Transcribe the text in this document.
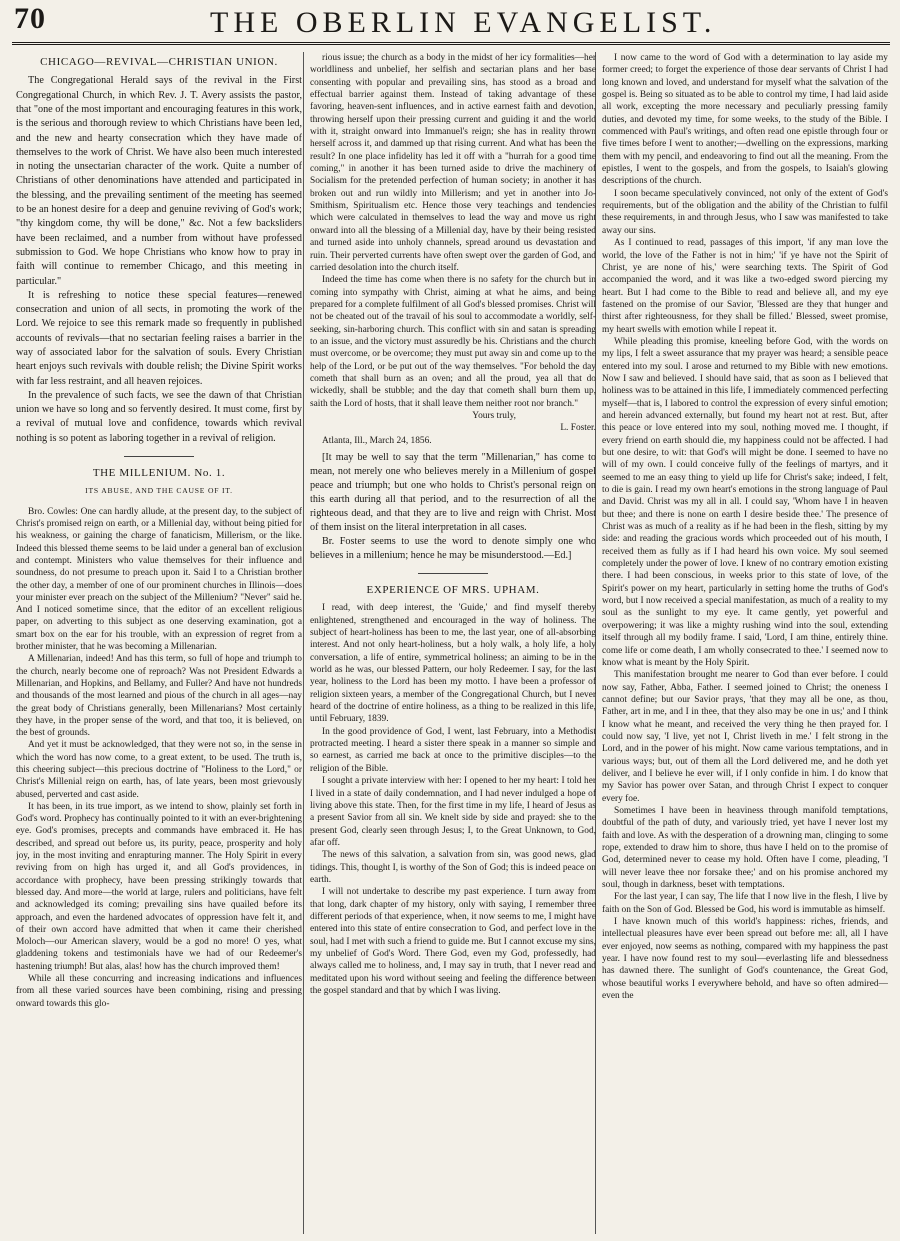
70	THE OBERLIN EVANGELIST.
CHICAGO—REVIVAL—CHRISTIAN UNION.

The Congregational Herald says of the revival in the First Congregational Church, in which Rev. J. T. Avery assists the pastor, that "one of the most important and encouraging features in this work, is the serious and thorough review to which Christians have been led, and the new and hearty consecration which they have made of themselves to the work of Christ. We have also been much interested in noting the unsectarian character of the work. Quite a number of Christians of other denominations have attended and participated in the blessing, and the prevailing sentiment of the meeting has seemed to be an honest desire for a deep and genuine reviving of God's work; "thy kingdom come, thy will be done," &c. Not a few backsliders have been reclaimed, and a number from without have professed submission to God. We hope Christians who know how to pray in faith will continue to remember Chicago, and this meeting in particular."

It is refreshing to notice these special features—renewed consecration and union of all sects, in promoting the work of the Lord. We rejoice to see this remark made so frequently in published accounts of revivals—that no sectarian feeling raises a barrier in the way of associated labor for the salvation of souls. Every Christian heart enjoys such revivals with double relish; the Divine Spirit works with far less restraint, and all heaven rejoices.

In the prevalence of such facts, we see the dawn of that Christian union we have so long and so fervently desired. It must come, first by a revival of mutual love and confidence, towards which revival nothing is so potent as laboring together in a revival of religion.

THE MILLENIUM. No. 1.
ITS ABUSE, AND THE CAUSE OF IT.

Bro. Cowles: One can hardly allude, at the present day, to the subject of Christ's promised reign on earth, or a Millenial day, without being pitied for his weakness, or gaining the charge of fanaticism, Millerism, or the like. Indeed this blessed theme seems to be laid under a general ban of exclusion and contempt. Ministers who value themselves for their influence and soundness, do not presume to preach upon it. Said I to a Christian brother the other day, a member of one of our prominent churches in Illinois—does your minister ever preach on the subject of the Millenium? "Never" said he. And I noticed sometime since, that the editor of an excellent religious paper, on adverting to this subject as one deserving examination, got a smart box on the ear for his trouble, with an expression of regret from a brother minister, that he was becoming a Millenarian.

A Millenarian, indeed! And has this term, so full of hope and triumph to the church, nearly become one of reproach? Was not President Edwards a Millenarian, and Hopkins, and Bellamy, and Fuller? And have not hundreds and thousands of the most learned and pious of the church in all ages—nay the great body of Christians generally, been Millenarians? Most certainly they have, in the proper sense of the word, and that too, it is believed, on the best of grounds.

And yet it must be acknowledged, that they were not so, in the sense in which the word has now come, to a great extent, to be used. The truth is, this cheering subject—this precious doctrine of "Holiness to the Lord," or Christ's Millenial reign on earth, has, of late years, been most grievously abused, perverted and cast aside.

It has been, in its true import, as we intend to show, plainly set forth in God's word. Prophecy has continually pointed to it with an ever-brightening eye. God's promises, precepts and commands have embraced it. He has described, and spread out before us, its purity, peace, prosperity and holy joy, in the most inviting and enrapturing manner. The Holy Spirit in every reviving from on high has urged it, and all God's providences, in accordance with prophecy, have been pressing strikingly towards that blessed day. And more—the world at large, rulers and politicians, have felt and acknowledged its coming; prevailing sins have quailed before its approach, and even the hardened advocates of oppression have felt it, and of their own accord have admitted that when it came their cherished Moloch—our American slavery, would be a god no more! O yes, what gladdening tokens and testimonials have we had of our Redeemer's hastening triumph! But alas, alas! how has the church improved them!

While all these concurring and increasing indications and influences from all these varied sources have been combining, rising and pressing onward towards this glo-

rious issue; the church as a body in the midst of her icy formalities—her worldliness and unbelief, her selfish and sectarian plans and her base consenting with popular and prevailing sins, has stood as a broad and effectual barrier against them. Instead of taking advantage of these favoring, heaven-sent influences, and in active earnest faith and devotion, throwing herself upon their pressing current and guiding it and the world with it, straight onward into Immanuel's reign; she has in reality thrown herself across it, and dammed up that rising current. And what has been the result? In one place infidelity has led it off with a "hurrah for a good time coming," in another it has been turned aside to drive the machinery of Socialism for the pretended perfection of human society; in another it has broken out and run wildly into Millerism; and yet in another into Jo-Smithism, Spiritualism etc. Hence those very teachings and tendencies which were calculated in themselves to lead the way and move us right onward into all the blessing of a Millenial day, have by their being resisted and turned aside into unholy channels, spread around us devastation and ruin. Their perverted currents have often swept over the garden of God, and carried desolation into the church itself.

Indeed the time has come when there is no safety for the church but in coming into sympathy with Christ, aiming at what he aims, and being prepared for a complete fulfilment of all God's blessed promises. Christ will not be cheated out of the travail of his soul to accommodate a worldly, self-seeking, sin-harboring church. This conflict with sin and satan is spreading to an issue, and the victory must assuredly be his. Christians and the church must overcome, or be overcome; they must put away sin and come up to the help of the Lord, or be put out of the way themselves. "For behold the day cometh that shall burn as an oven; and all the proud, yea all that do wickedly, shall be stubble; and the day that cometh shall burn them up, saith the Lord of hosts, that it shall leave them neither root nor branch."

Yours truly,

L. Foster.

Atlanta, Ill., March 24, 1856.

[It may be well to say that the term "Millenarian," has come to mean, not merely one who believes merely in a Millenium of gospel peace and triumph; but one who holds to Christ's personal reign on this earth during all that period, and to the resurrection of all the righteous dead, and that they are to live and reign with Christ. Most of them insist on the literal interpretation in all cases.

Br. Foster seems to use the word to denote simply one who believes in a millenium; hence he may be misunderstood.—Ed.]

EXPERIENCE OF MRS. UPHAM.

I read, with deep interest, the 'Guide,' and find myself thereby enlightened, strengthened and encouraged in the way of holiness. The subject of heart-holiness has been to me, the last year, one of all-absorbing interest. And not only heart-holiness, but a holy walk, a holy life, a holy conversation, a life of entire, symmetrical holiness; an aiming to be in the world as he was, our blessed Pattern, our holy Redeemer. I say, for the last year, holiness to the Lord has been my motto. I have been a professor of religion sixteen years, a member of the Congregational Church, but I never heard of the doctrine of entire holiness, as a thing to be realized in this life, until February, 1839.

In the good providence of God, I went, last February, into a Methodist protracted meeting. I heard a sister there speak in a manner so simple and so earnest, as carried me back at once to the primitive disciples—to the religion of the Bible.

I sought a private interview with her: I opened to her my heart: I told her I lived in a state of daily condemnation, and I had never indulged a hope of living above this state. Then, for the first time in my life, I heard of Jesus as a present Savior from all sin. We knelt side by side and prayed: she to the present God, clearly seen through Jesus; I, to the Great Unknown, to God, afar off.

The news of this salvation, a salvation from sin, was good news, glad tidings. This, thought I, is worthy of the Son of God; this is indeed peace on earth.

I will not undertake to describe my past experience. I turn away from that long, dark chapter of my history, only with saying, I remember three different periods of that experience, when, it now seems to me, I might have entered into this state of entire consecration to God, and perfect love in the soul, had I met with such a friend to guide me. But I cannot excuse my sins, my unbelief of God's Word. There God, even my God, professedly, had always called me to holiness, and, I may say in truth, that I never read and meditated upon his word without seeing and feeling the difference between the gospel standard and that by which I was living.

I now came to the word of God with a determination to lay aside my former creed; to forget the experience of those dear servants of Christ I had long known and loved, and understand for myself what the salvation of the gospel is. Being so situated as to be able to control my time, I had laid aside all work, excepting the more necessary and peculiarly pressing family duties, and devoted my time, for some weeks, to the study of the Bible. I commenced with Paul's writings, and often read one epistle through four or five times before I went to another;—dwelling on the expressions, marking them with my pencil, and endeavoring to find out all the meaning. From the epistles, I went to the gospels, and from the gospels, to Isaiah's glowing descriptions of the church.

I soon became speculatively convinced, not only of the extent of God's requirements, but of the obligation and the ability of the Christian to fulfil these requirements, in and through Jesus, who I saw was manifested to take away our sins.

As I continued to read, passages of this import, 'if any man love the world, the love of the Father is not in him;' 'if ye have not the Spirit of Christ, ye are none of his,' were searching texts. The Spirit of God accompanied the word, and it was like a two-edged sword piercing my heart. But I had come to the Bible to read and believe all, and my eye fastened on the promise of our Savior, 'Blessed are they that hunger and thirst after righteousness, for they shall be filled.' Blessed, sweet promise, my heart swells with emotion while I repeat it.

While pleading this promise, kneeling before God, with the words on my lips, I felt a sweet assurance that my prayer was heard; a sensible peace entered into my soul. I arose and returned to my Bible with new emotions. Now I saw and believed. I should have said, that as soon as I believed that holiness was to be attained in this life, I immediately commenced perfecting myself—that is, I labored to control the expression of every sinful emotion; and herein advanced externally, but found my heart not at rest. But, after this peace or love entered into my soul, nothing moved me. I thought, if every friend on earth should die, my happiness could not be affected. I had but one desire, to wit: that God's will might be done. I seemed to have no will of my own. I could conceive fully of the feelings of martyrs, and it seemed to me an easy thing to yield up life for Christ's sake; indeed, I felt, to die is gain. I read my own heart's emotions in the strong language of Paul and David. Christ was my all in all. I could say, 'Whom have I in heaven but thee; and there is none on earth I desire beside thee.' The presence of Christ was as much of a reality as if he had been in the flesh, sitting by my side: and reading the gracious words which proceeded out of his mouth, I received them as fully as if I had heard his own voice. My soul seemed completely under the power of love. I knew of no contrary emotion existing there. I had been conscious, in weeks prior to this state of love, of the Spirit's power on my heart, particularly in setting home the truths of God's word, but I now received a special manifestation, as much of a reality to my soul as the sunlight to my eye. It came gently, yet powerful and overpowering; it was like a mighty rushing wind into the soul, extending itself through all my bodily frame. I said, 'Lord, I am thine, entirely thine. come life or come death, I am wholly consecrated to thee.' I seemed now to know what is meant by the Holy Spirit.

This manifestation brought me nearer to God than ever before. I could now say, Father, Abba, Father. I seemed joined to Christ; the oneness I cannot define; but our Savior prays, 'that they may all be one, as thou, Father, art in me, and I in thee, that they also may be one in us;' and I think I know what he meant, and received the very thing he then prayed for. I could now say, 'I live, yet not I, Christ liveth in me.' I felt strong in the Lord, and in the power of his might. Now came various temptations, and in various ways; but, out of them all the Lord delivered me, and he doth yet deliver, and I believe he ever will, if I only confide in him. I do know that my Savior has power over Satan, and through Christ I expect to conquer every foe.

Sometimes I have been in heaviness through manifold temptations, doubtful of the path of duty, and variously tried, yet have I never lost my faith and love. As with the desperation of a drowning man, clinging to some rope, extended to draw him to shore, thus have I held on to the promise of God, determined never to cease my hold. Often have I come, pleading, 'I will never leave thee nor forsake thee;' and on his promise anchored my soul, though in darkness, beset with temptations.

For the last year, I can say, The life that I now live in the flesh, I live by faith on the Son of God. Blessed be God, his word is immutable as himself.

I have known much of this world's happiness: riches, friends, and intellectual pleasures have ever been spread out before me: all, all I have ever enjoyed, now seems as nothing, compared with my happiness the past year. I have now found rest to my soul—everlasting life and blessedness has dawned there. The sunlight of God's countenance, the Great God, whose beautiful works I everywhere behold, and have so often admired—even the
